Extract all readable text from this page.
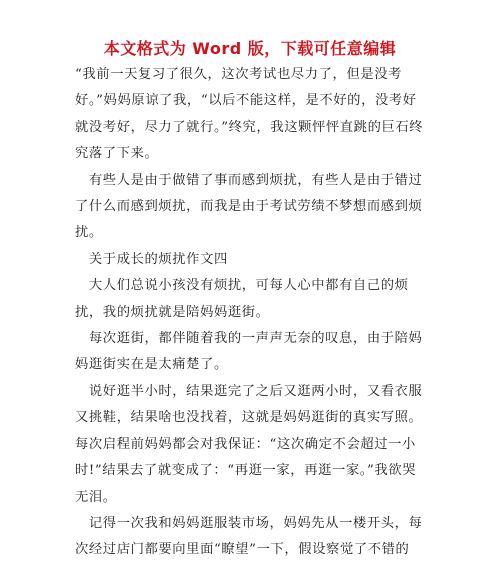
本文格式为 Word 版，下载可任意编辑

“我前一天复习了很久，这次考试也尽力了，但是没考
好。”妈妈原谅了我，“以后不能这样，是不好的，没考好
就没考好，尽力了就行。”终究，我这颗怦怦直跳的巨石终
究落了下来。

　有些人是由于做错了事而感到烦扰，有些人是由于错过
了什么而感到烦扰，而我是由于考试劳绩不梦想而感到烦
扰。

　关于成长的烦扰作文四

　大人们总说小孩没有烦扰，可每人心中都有自己的烦
扰，我的烦扰就是陪妈妈逛街。

　每次逛街，都伴随着我的一声声无奈的叹息，由于陪妈
妈逛街实在是太痛楚了。

　说好逛半小时，结果逛完了之后又逛两小时，又看衣服
又挑鞋，结果啥也没找着，这就是妈妈逛街的真实写照。
每次启程前妈妈都会对我保证：“这次确定不会超过一小
时!”结果去了就变成了：“再逛一家，再逛一家。”我欲哭
无泪。

　记得一次我和妈妈逛服装市场，妈妈先从一楼开头，每
次经过店门都要向里面“瞭望”一下，假设察觉了不错的
